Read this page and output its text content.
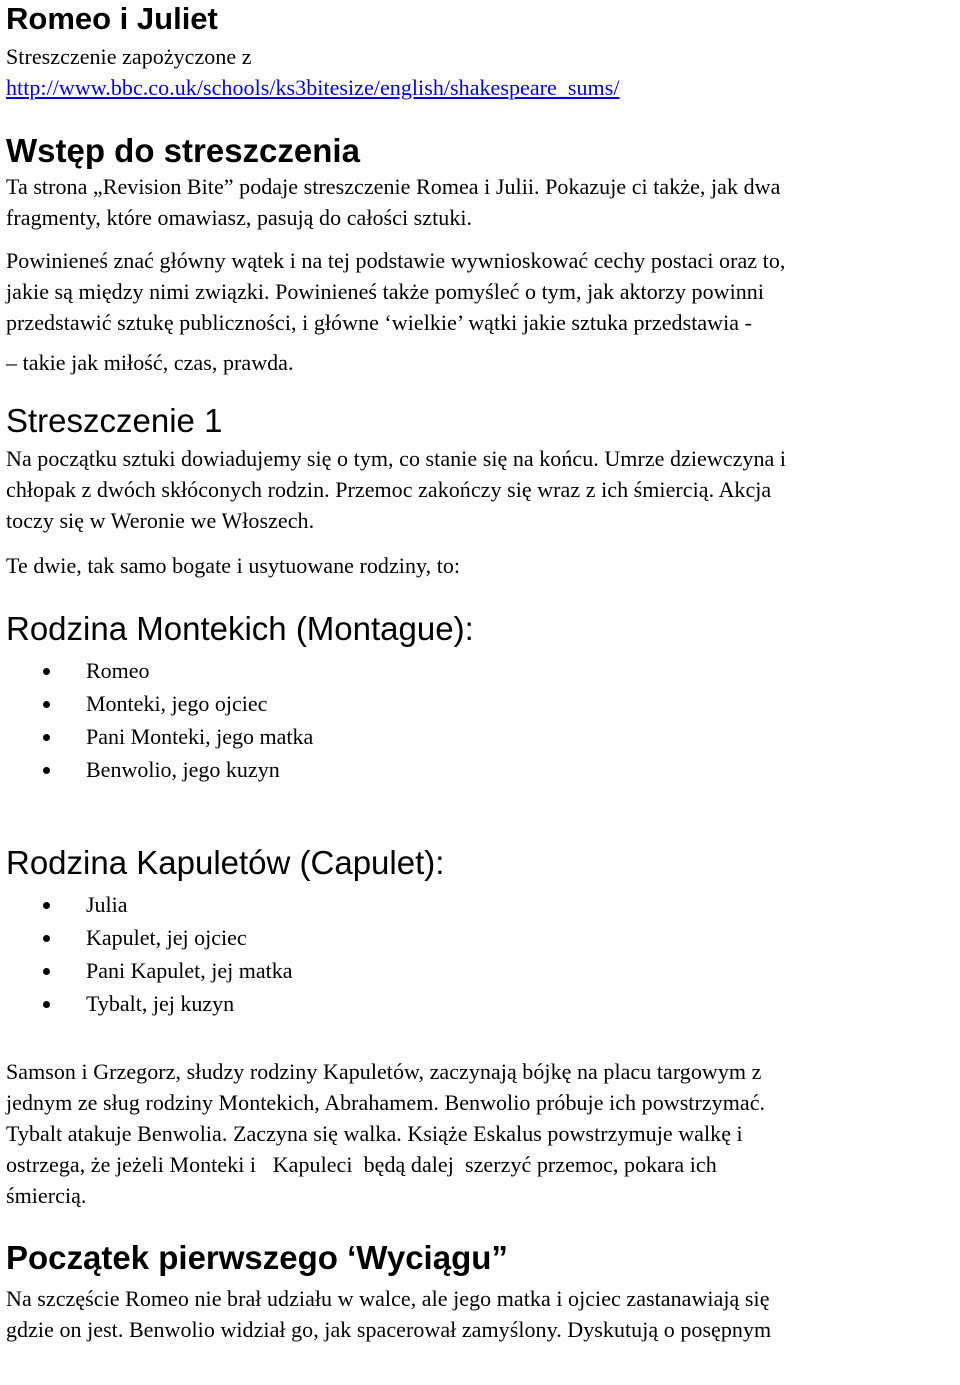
Romeo i Juliet

Streszczenie zapożyczone z

http://www.bbc.co.uk/schools/ks3bitesize/english/shakespeare_sums/

Wstęp do streszczenia

Ta strona „Revision Bite” podaje streszczenie Romea i Julii. Pokazuje ci także, jak dwa
fragmenty, które omawiasz, pasują do całości sztuki.

Powinieneś znać główny wątek i na tej podstawie wywnioskować cechy postaci oraz to,
jakie są między nimi związki. Powinieneś także pomyśleć o tym, jak aktorzy powinni
przedstawić sztukę publiczności, i główne ‘wielkie’ wątki jakie sztuka przedstawia -
– takie jak miłość, czas, prawda.

Streszczenie 1

Na początku sztuki dowiadujemy się o tym, co stanie się na końcu. Umrze dziewczyna i
chłopak z dwóch skłóconych rodzin. Przemoc zakończy się wraz z ich śmiercią. Akcja
toczy się w Weronie we Włoszech.

Te dwie, tak samo bogate i usytuowane rodziny, to:

Rodzina Montekich (Montague):
Romeo
Monteki, jego ojciec
Pani Monteki, jego matka
Benwolio, jego kuzyn
Rodzina Kapuletów (Capulet):
Julia
Kapulet, jej ojciec
Pani Kapulet, jej matka
Tybalt, jej kuzyn

Samson i Grzegorz, słudzy rodziny Kapuletów, zaczynają bójkę na placu targowym z
jednym ze sług rodziny Montekich, Abrahamem. Benwolio próbuje ich powstrzymać.
Tybalt atakuje Benwolia. Zaczyna się walka. Książe Eskalus powstrzymuje walkę i
ostrzega, że jeżeli Monteki i   Kapuleci  będą dalej  szerzyć przemoc, pokara ich
śmiercią.

Początek pierwszego ‘Wyciągu”

Na szczęście Romeo nie brał udziału w walce, ale jego matka i ojciec zastanawiają się
gdzie on jest. Benwolio widział go, jak spacerował zamyślony. Dyskutują o posępnym
